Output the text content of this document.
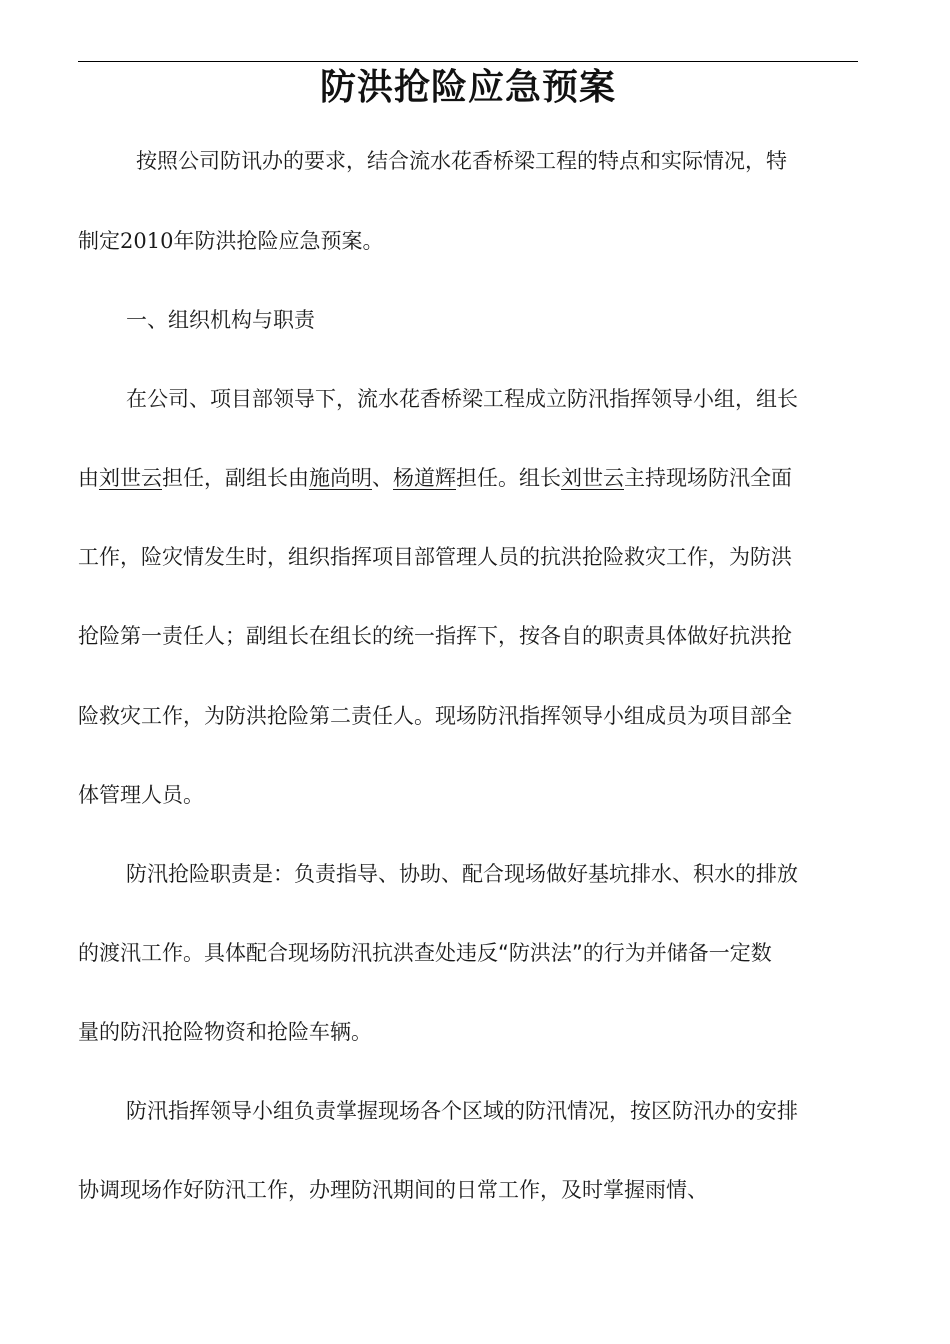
防洪抢险应急预案

按照公司防讯办的要求，结合流水花香桥梁工程的特点和实际情况，特

制定2010年防洪抢险应急预案。

一、组织机构与职责

在公司、项目部领导下，流水花香桥梁工程成立防汛指挥领导小组，组长

由刘世云担任，副组长由施尚明、杨道辉担任。组长刘世云主持现场防汛全面

工作，险灾情发生时，组织指挥项目部管理人员的抗洪抢险救灾工作，为防洪

抢险第一责任人；副组长在组长的统一指挥下，按各自的职责具体做好抗洪抢

险救灾工作，为防洪抢险第二责任人。现场防汛指挥领导小组成员为项目部全

体管理人员。

防汛抢险职责是：负责指导、协助、配合现场做好基坑排水、积水的排放

的渡汛工作。具体配合现场防汛抗洪查处违反“防洪法”的行为并储备一定数

量的防汛抢险物资和抢险车辆。

防汛指挥领导小组负责掌握现场各个区域的防汛情况，按区防汛办的安排

协调现场作好防汛工作，办理防汛期间的日常工作，及时掌握雨情、
